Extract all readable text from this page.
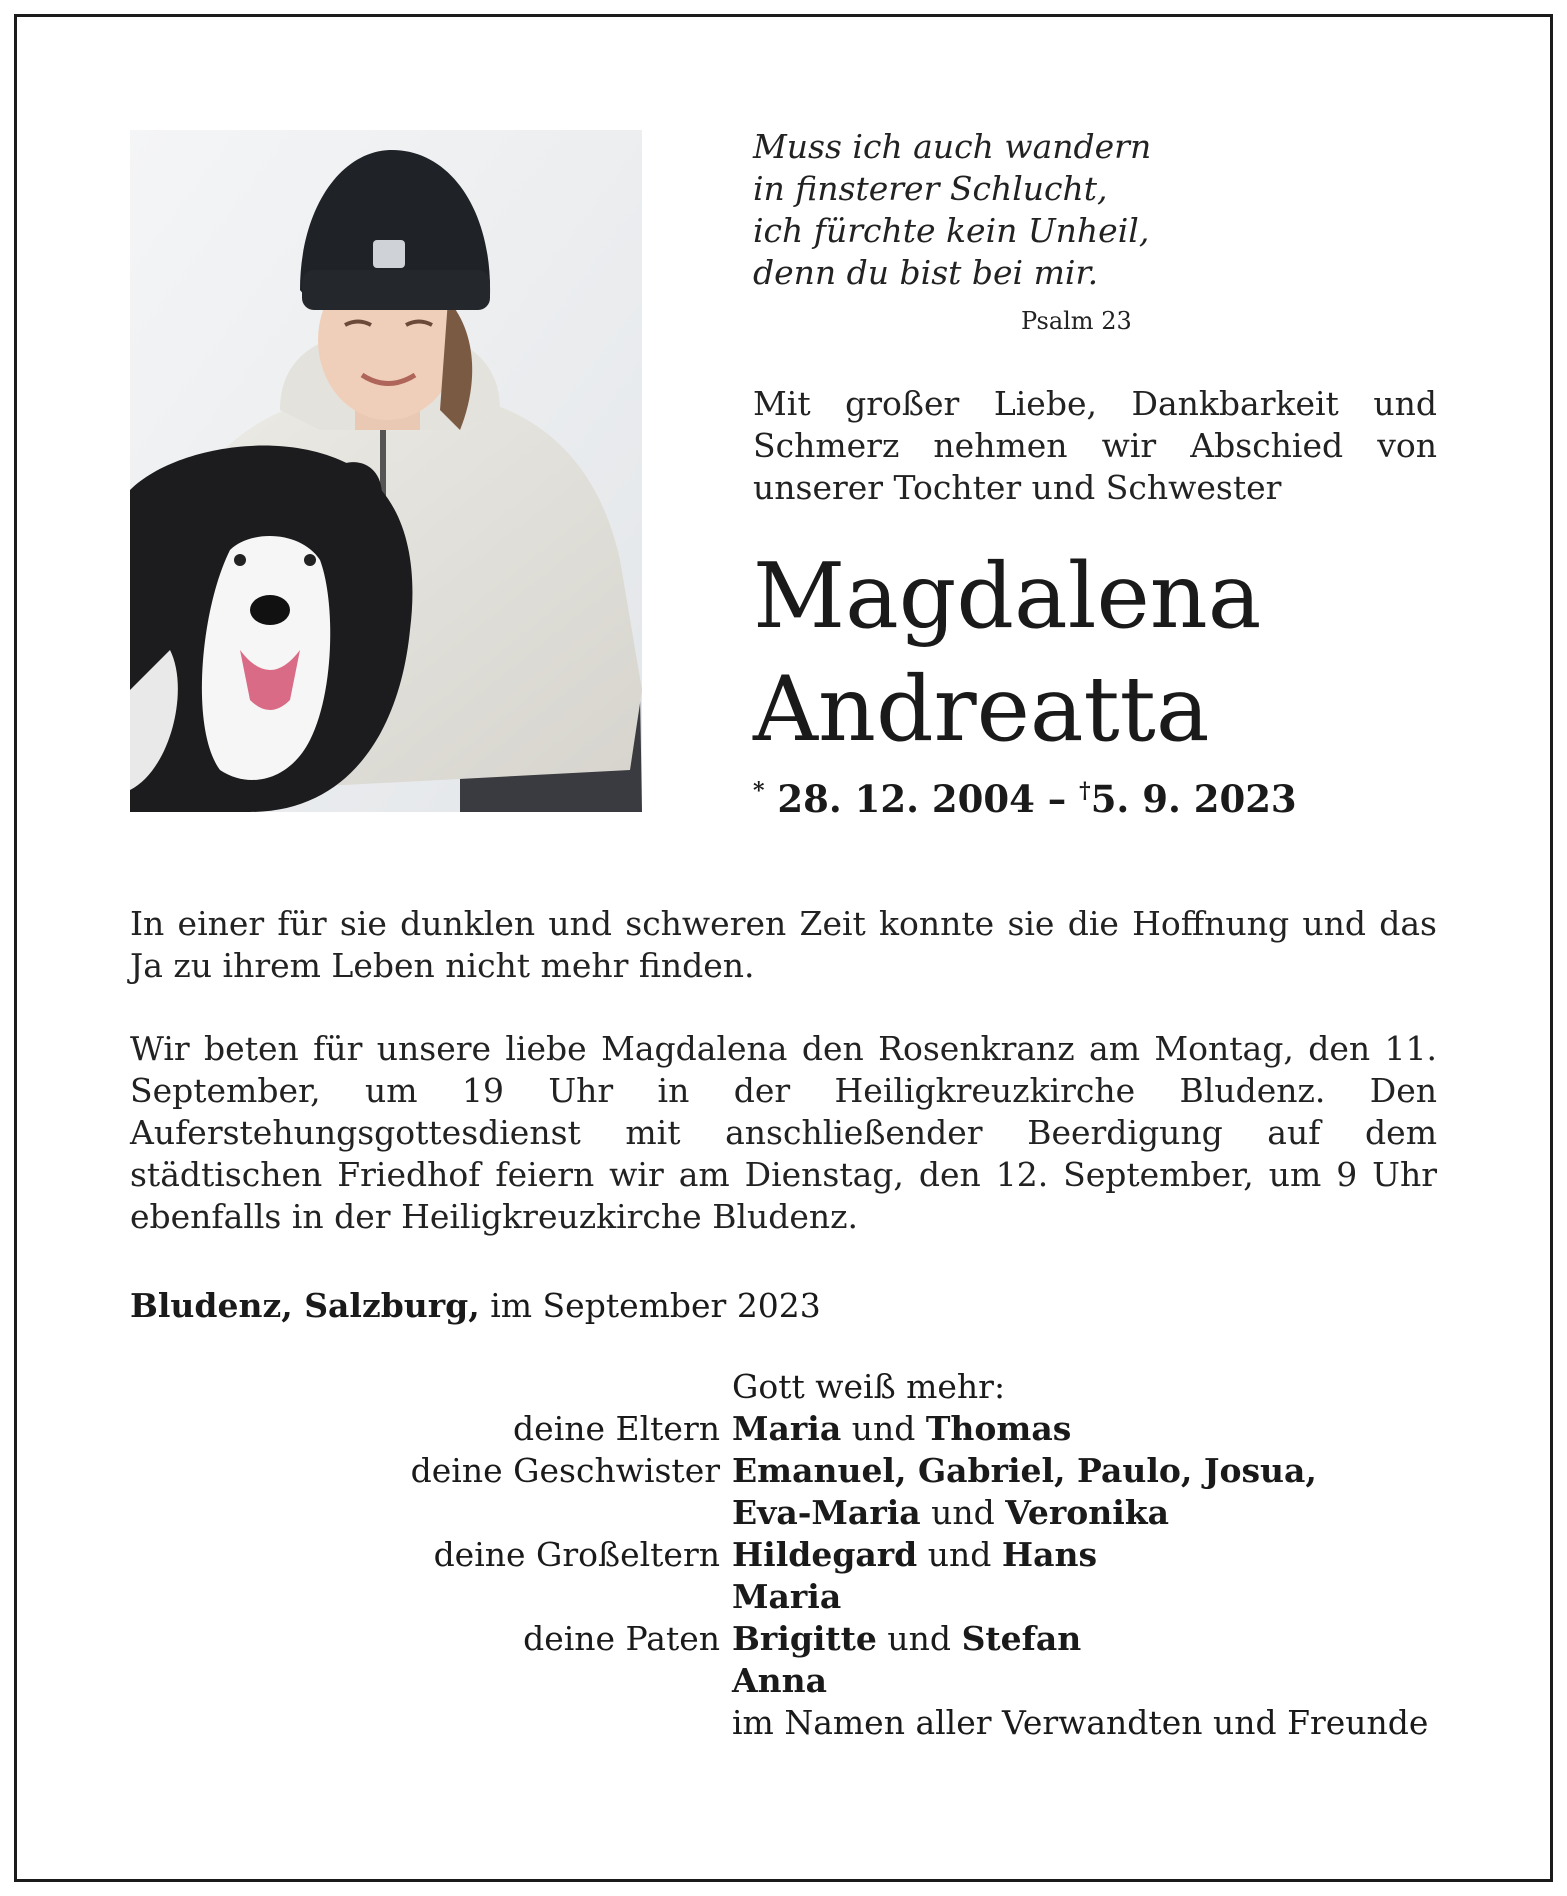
Muss ich auch wandern
in finsterer Schlucht,
ich fürchte kein Unheil,
denn du bist bei mir.
Psalm 23
Mit großer Liebe, Dankbarkeit und Schmerz nehmen wir Abschied von unserer Tochter und Schwester
Magdalena
Andreatta
* 28. 12. 2004 – †5. 9. 2023
In einer für sie dunklen und schweren Zeit konnte sie die Hoffnung und das Ja zu ihrem Leben nicht mehr finden.
Wir beten für unsere liebe Magdalena den Rosenkranz am Montag, den 11. September, um 19 Uhr in der Heiligkreuzkirche Bludenz. Den Auferstehungsgottesdienst mit anschließender Beerdigung auf dem städtischen Friedhof feiern wir am Dienstag, den 12. September, um 9 Uhr ebenfalls in der Heiligkreuzkirche Bludenz.
Bludenz, Salzburg, im September 2023
Gott weiß mehr:
deine Eltern Maria und Thomas
deine Geschwister Emanuel, Gabriel, Paulo, Josua,
Eva-Maria und Veronika
deine Großeltern Hildegard und Hans
Maria
deine Paten Brigitte und Stefan
Anna
im Namen aller Verwandten und Freunde
